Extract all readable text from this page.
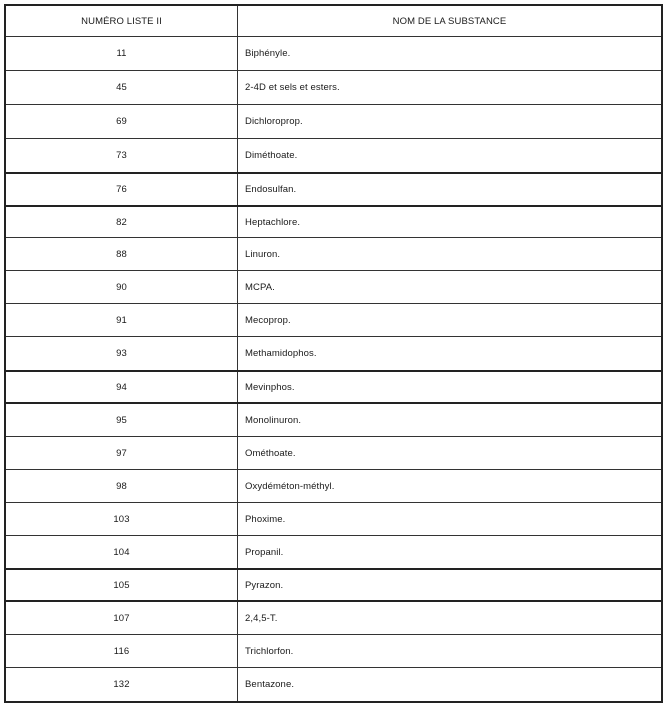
NUMÉRO LISTE II	NOM DE LA SUBSTANCE
11	Biphényle.
45	2-4D et sels et esters.
69	Dichloroprop.
73	Diméthoate.
76	Endosulfan.
82	Heptachlore.
88	Linuron.
90	MCPA.
91	Mecoprop.
93	Methamidophos.
94	Mevinphos.
95	Monolinuron.
97	Ométhoate.
98	Oxydéméton-méthyl.
103	Phoxime.
104	Propanil.
105	Pyrazon.
107	2,4,5-T.
116	Trichlorfon.
132	Bentazone.
